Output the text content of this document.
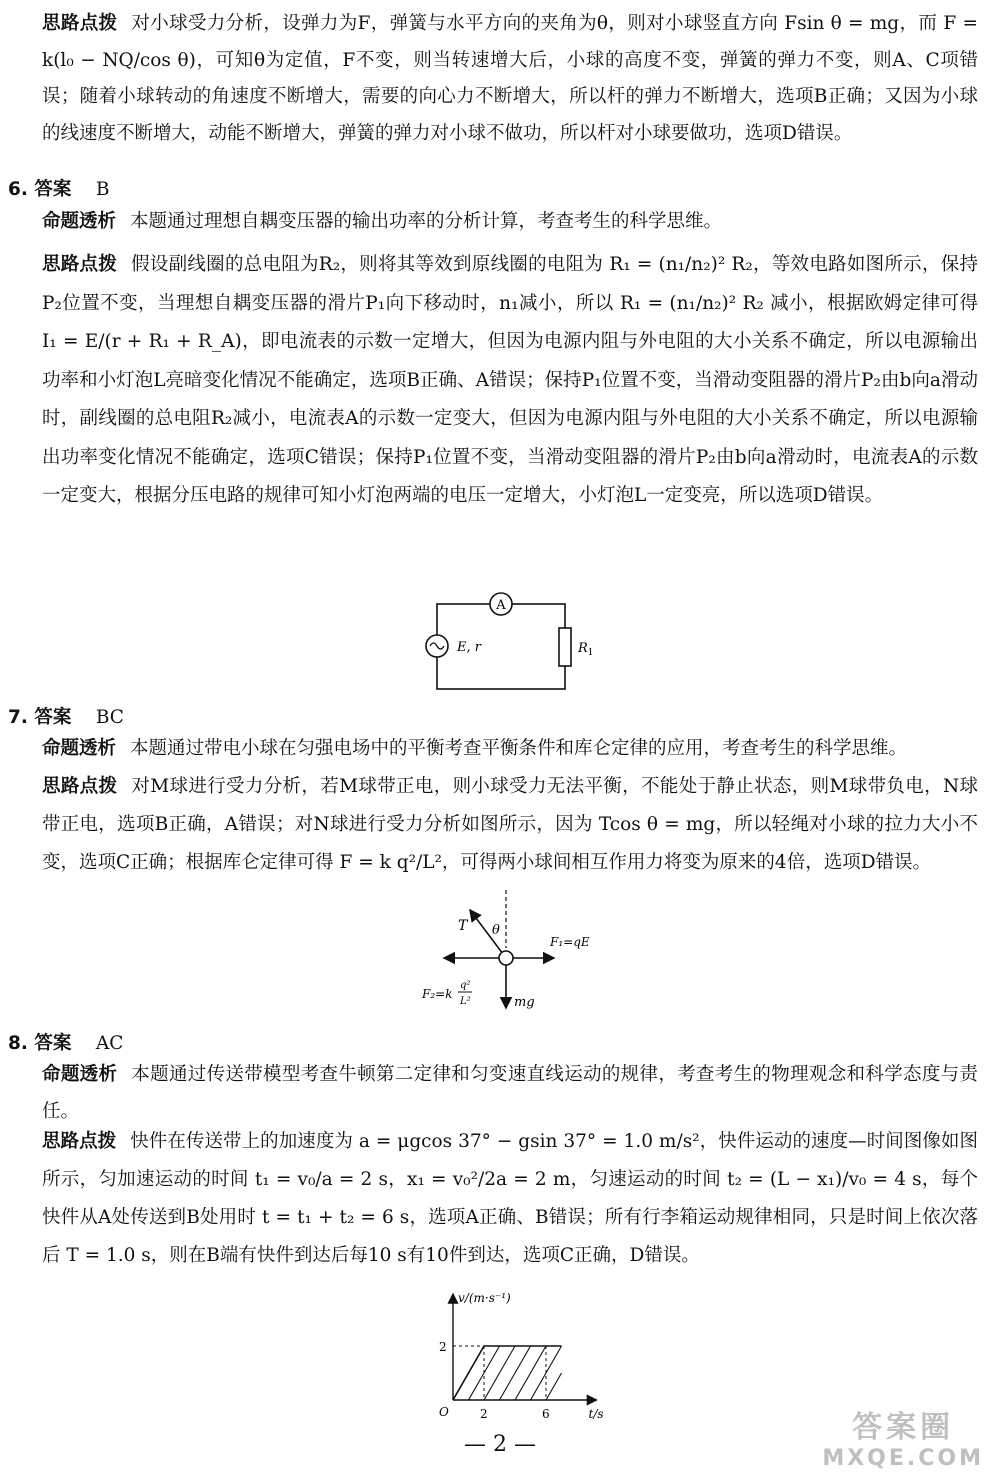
思路点拨 对小球受力分析，设弹力为F，弹簧与水平方向的夹角为θ，则对小球竖直方向 Fsin θ = mg，而 F = k(l₀ − NQ/cos θ)，可知θ为定值，F不变，则当转速增大后，小球的高度不变，弹簧的弹力不变，则A、C项错误；随着小球转动的角速度不断增大，需要的向心力不断增大，所以杆的弹力不断增大，选项B正确；又因为小球的线速度不断增大，动能不断增大，弹簧的弹力对小球不做功，所以杆对小球要做功，选项D错误。
6. 答案 B
命题透析 本题通过理想自耦变压器的输出功率的分析计算，考查考生的科学思维。
思路点拨 假设副线圈的总电阻为R₂，则将其等效到原线圈的电阻为 R₁ = (n₁/n₂)² R₂，等效电路如图所示，保持P₂位置不变，当理想自耦变压器的滑片P₁向下移动时，n₁减小，所以 R₁ = (n₁/n₂)² R₂ 减小，根据欧姆定律可得 I₁ = E/(r + R₁ + R_A)，即电流表的示数一定增大，但因为电源内阻与外电阻的大小关系不确定，所以电源输出功率和小灯泡L亮暗变化情况不能确定，选项B正确、A错误；保持P₁位置不变，当滑动变阻器的滑片P₂由b向a滑动时，副线圈的总电阻R₂减小，电流表A的示数一定变大，但因为电源内阻与外电阻的大小关系不确定，所以电源输出功率变化情况不能确定，选项C错误；保持P₁位置不变，当滑动变阻器的滑片P₂由b向a滑动时，电流表A的示数一定变大，根据分压电路的规律可知小灯泡两端的电压一定增大，小灯泡L一定变亮，所以选项D错误。
A
E, r	$R_1$
7. 答案 BC
命题透析 本题通过带电小球在匀强电场中的平衡考查平衡条件和库仑定律的应用，考查考生的科学思维。
思路点拨 对M球进行受力分析，若M球带正电，则小球受力无法平衡，不能处于静止状态，则M球带负电，N球带正电，选项B正确，A错误；对N球进行受力分析如图所示，因为 Tcos θ = mg，所以轻绳对小球的拉力大小不变，选项C正确；根据库仑定律可得 F = k q²/L²，可得两小球间相互作用力将变为原来的4倍，选项D错误。
T θ
F₁=qE
F₂=k
q²
L²	mg
8. 答案 AC
命题透析 本题通过传送带模型考查牛顿第二定律和匀变速直线运动的规律，考查考生的物理观念和科学态度与责任。
思路点拨 快件在传送带上的加速度为 a = μgcos 37° − gsin 37° = 1.0 m/s²，快件运动的速度—时间图像如图所示，匀加速运动的时间 t₁ = v₀/a = 2 s，x₁ = v₀²/2a = 2 m，匀速运动的时间 t₂ = (L − x₁)/v₀ = 4 s，每个快件从A处传送到B处用时 t = t₁ + t₂ = 6 s，选项A正确、B错误；所有行李箱运动规律相同，只是时间上依次落后 T = 1.0 s，则在B端有快件到达后每10 s有10件到达，选项C正确，D错误。
v/(m·s⁻¹)
t/s
O
2
2	6
— 2 —	答案圈
MXQE.COM
